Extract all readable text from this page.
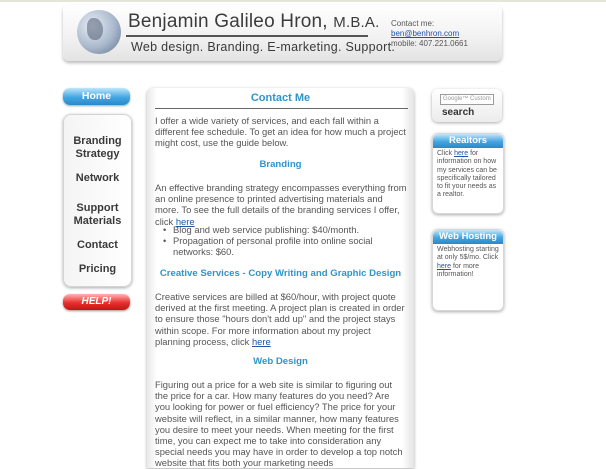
Benjamin Galileo Hron, M.B.A.
Web design. Branding. E-marketing. Support.
Contact me:
ben@benhron.com
mobile: 407.221.0661
Home
Branding
Strategy
Network
Support
Materials
Contact
Pricing
HELP!
Contact Me
I offer a wide variety of services, and each fall within a different fee schedule. To get an idea for how much a project might cost, use the guide below.
Branding
An effective branding strategy encompasses everything from an online presence to printed advertising materials and more. To see the full details of the branding services I offer, click here
• Blog and web service publishing: $40/month.
• Propagation of personal profile into online social networks: $60.
Creative Services - Copy Writing and Graphic Design
Creative services are billed at $60/hour, with project quote derived at the first meeting. A project plan is created in order to ensure those "hours don't add up" and the project stays within scope. For more information about my project planning process, click here
Web Design
Figuring out a price for a web site is similar to figuring out the price for a car. How many features do you need? Are you looking for power or fuel efficiency? The price for your website will reflect, in a similar manner, how many features you desire to meet your needs. When meeting for the first time, you can expect me to take into consideration any special needs you may have in order to develop a top notch website that fits both your marketing needs
Google™ Custom
search
Realtors
Click here for information on how my services can be specifically tailored to fit your needs as a realtor.
Web Hosting
Webhosting starting at only 5$/mo. Click here for more information!
